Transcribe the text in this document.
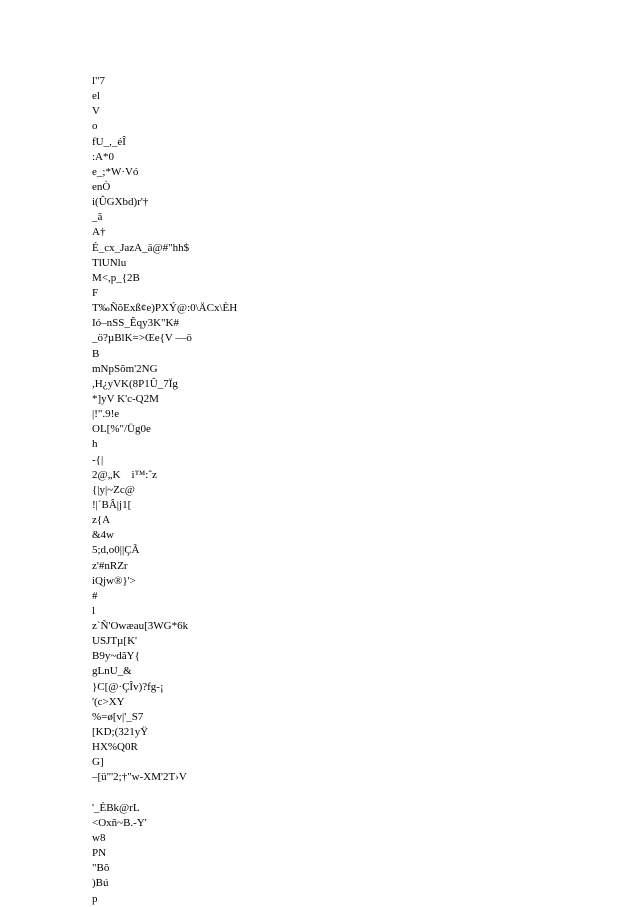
l"7
el
V
o
fU_,_éÎ
:A*0
e_;*W·Vó
enÒ
i(ÛGXbd)r'†
_ã
A†
É_cx_JazA_ä@#"hh$
TlUNlu
M<,p_{2B
F
T‰ÑõExß¢e)PXÝ@:0\ÄCx\ÈH
Ió–nSS_Êqy3K"K#
_ö?µBlK=>Œe{V —ö
B
mNpSõm'2NG
,H¿yVK(8P1Û_7Ïg
*]yV K'c-Q2M
|!".9!e
OL[%"/Üg0e
h
-{|
2@„K    i™:ˆz
{|y|~Zc@
!|´BÂ|j1[
z{A
&4w
5;d,o0||ÇÃ
z'#nRZr
iQjw®}'>
#
l
z`Ñ'Owæau[3WG*6k
USJTµ[K'
B9y~dãY{
gLnU_&
}C[@·ÇÎv)?fg-¡
'(c>XY
%=ø[v|'_S7
[KD;(321yŸ
HX%Q0R
G]
–[ü"'2;†"w-XM'2T›V
'_ÉBk@rL
<Oxñ~B.-Y'
w8
PN
"Bõ
)Bú
p
